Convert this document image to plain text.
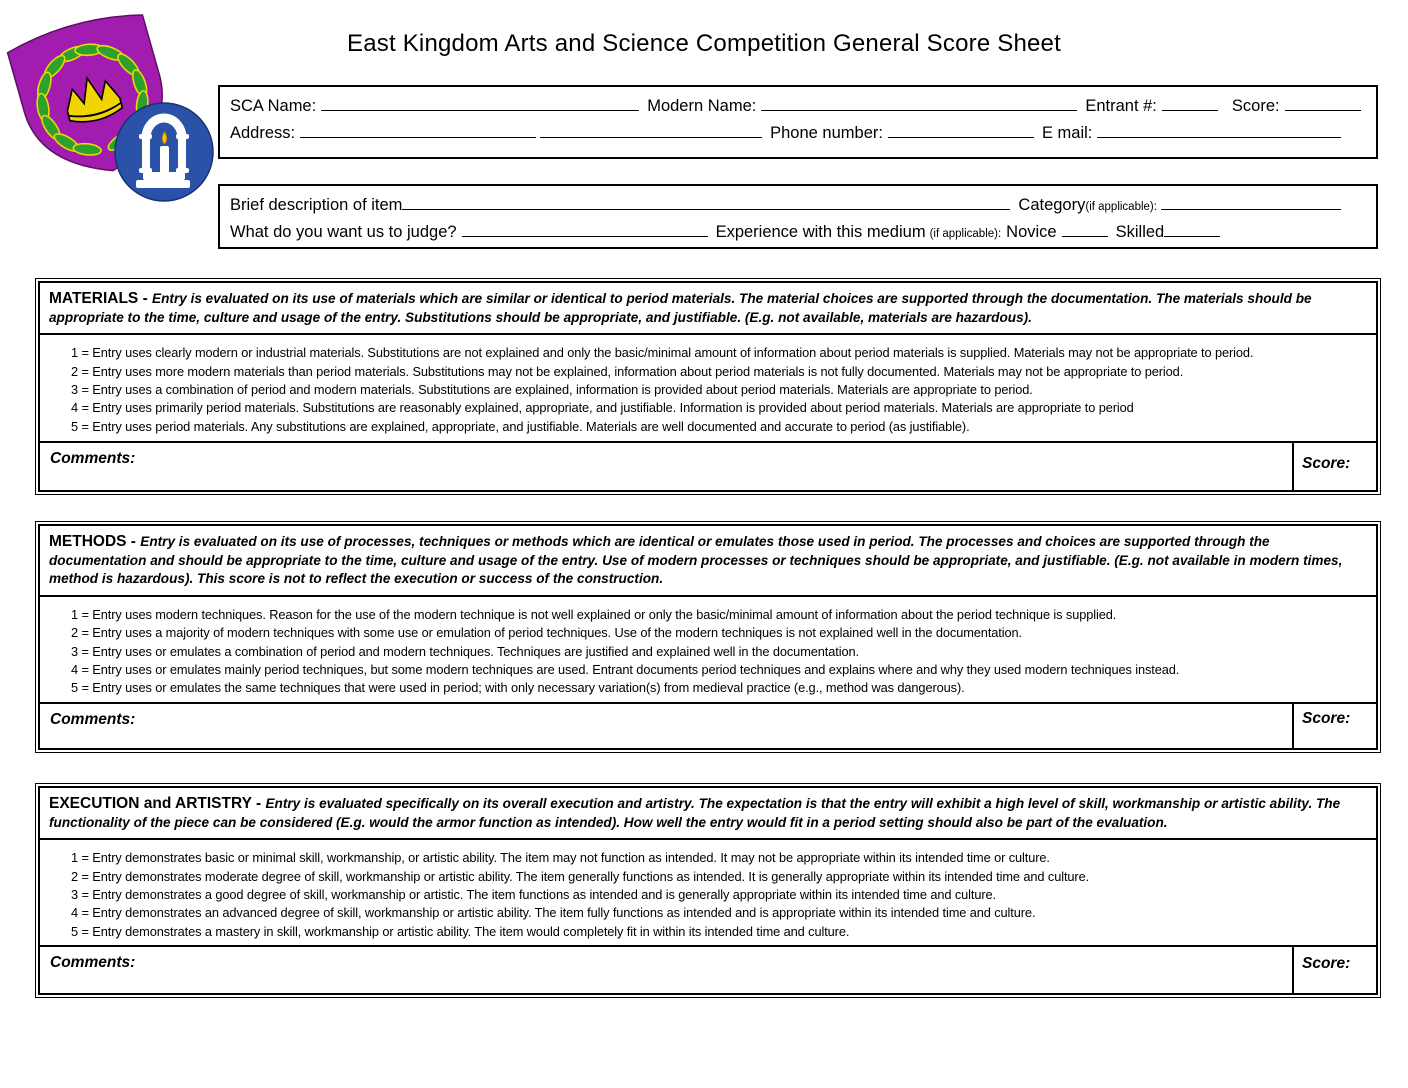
East Kingdom Arts and Science Competition General Score Sheet
SCA Name:	Modern Name:	Entrant #:	Score:
Address:	Phone number:	E mail:
Brief description of item	Category (if applicable):
What do you want us to judge?	Experience with this medium (if applicable): Novice	Skilled
MATERIALS - Entry is evaluated on its use of materials which are similar or identical to period materials. The material choices are supported through the documentation. The materials should be appropriate to the time, culture and usage of the entry. Substitutions should be appropriate, and justifiable. (E.g. not available, materials are hazardous).
1 = Entry uses clearly modern or industrial materials. Substitutions are not explained and only the basic/minimal amount of information about period materials is supplied. Materials may not be appropriate to period.
2 = Entry uses more modern materials than period materials. Substitutions may not be explained, information about period materials is not fully documented. Materials may not be appropriate to period.
3 = Entry uses a combination of period and modern materials. Substitutions are explained, information is provided about period materials. Materials are appropriate to period.
4 = Entry uses primarily period materials. Substitutions are reasonably explained, appropriate, and justifiable. Information is provided about period materials. Materials are appropriate to period
5 = Entry uses period materials. Any substitutions are explained, appropriate, and justifiable. Materials are well documented and accurate to period (as justifiable).
Comments:	Score:
METHODS - Entry is evaluated on its use of processes, techniques or methods which are identical or emulates those used in period. The processes and choices are supported through the documentation and should be appropriate to the time, culture and usage of the entry. Use of modern processes or techniques should be appropriate, and justifiable. (E.g. not available in modern times, method is hazardous). This score is not to reflect the execution or success of the construction.
1 = Entry uses modern techniques. Reason for the use of the modern technique is not well explained or only the basic/minimal amount of information about the period technique is supplied.
2 = Entry uses a majority of modern techniques with some use or emulation of period techniques. Use of the modern techniques is not explained well in the documentation.
3 = Entry uses or emulates a combination of period and modern techniques. Techniques are justified and explained well in the documentation.
4 = Entry uses or emulates mainly period techniques, but some modern techniques are used. Entrant documents period techniques and explains where and why they used modern techniques instead.
5 = Entry uses or emulates the same techniques that were used in period; with only necessary variation(s) from medieval practice (e.g., method was dangerous).
Comments:	Score:
EXECUTION and ARTISTRY - Entry is evaluated specifically on its overall execution and artistry. The expectation is that the entry will exhibit a high level of skill, workmanship or artistic ability. The functionality of the piece can be considered (E.g. would the armor function as intended). How well the entry would fit in a period setting should also be part of the evaluation.
1 = Entry demonstrates basic or minimal skill, workmanship, or artistic ability. The item may not function as intended. It may not be appropriate within its intended time or culture.
2 = Entry demonstrates moderate degree of skill, workmanship or artistic ability. The item generally functions as intended. It is generally appropriate within its intended time and culture.
3 = Entry demonstrates a good degree of skill, workmanship or artistic. The item functions as intended and is generally appropriate within its intended time and culture.
4 = Entry demonstrates an advanced degree of skill, workmanship or artistic ability. The item fully functions as intended and is appropriate within its intended time and culture.
5 = Entry demonstrates a mastery in skill, workmanship or artistic ability. The item would completely fit in within its intended time and culture.
Comments:	Score:
